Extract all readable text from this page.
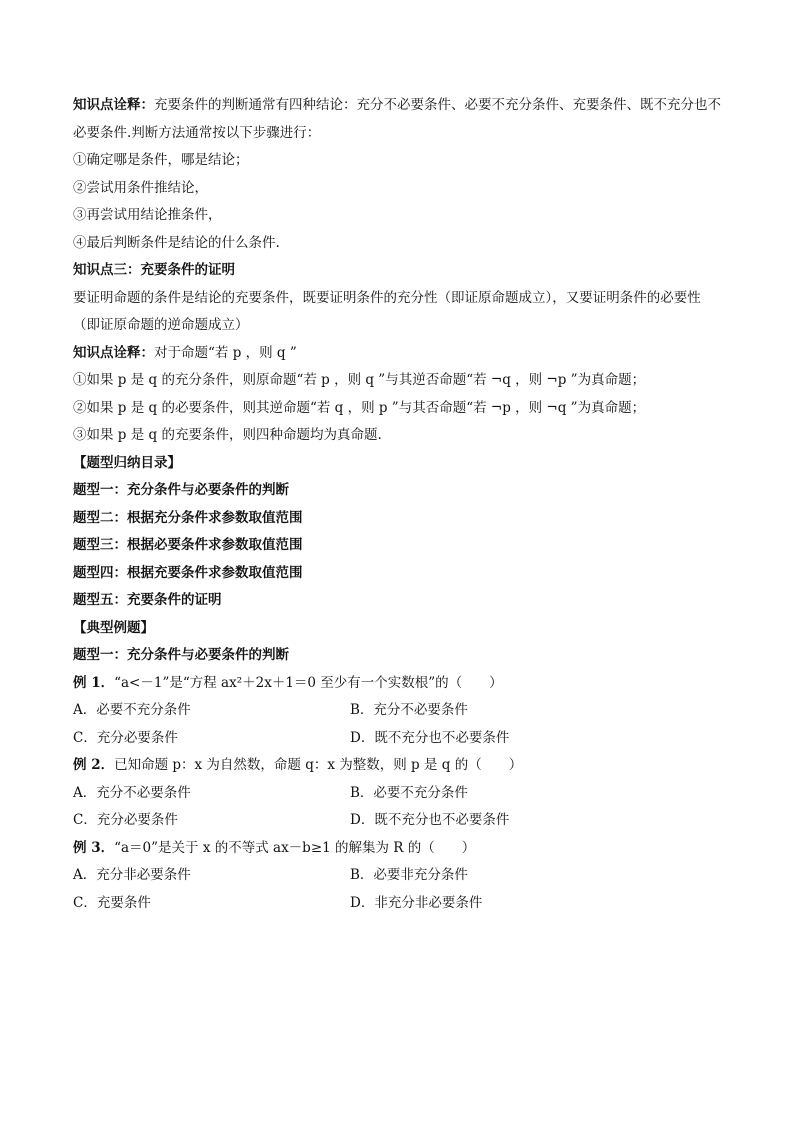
知识点诠释：充要条件的判断通常有四种结论：充分不必要条件、必要不充分条件、充要条件、既不充分也不必要条件.判断方法通常按以下步骤进行：
①确定哪是条件，哪是结论；
②尝试用条件推结论，
③再尝试用结论推条件，
④最后判断条件是结论的什么条件.
知识点三：充要条件的证明
要证明命题的条件是结论的充要条件，既要证明条件的充分性（即证原命题成立），又要证明条件的必要性（即证原命题的逆命题成立）
知识点诠释：对于命题“若 p ，则 q ”
①如果 p 是 q 的充分条件，则原命题“若 p ，则 q ”与其逆否命题“若 ¬q ，则 ¬p ”为真命题；
②如果 p 是 q 的必要条件，则其逆命题“若 q ，则 p ”与其否命题“若 ¬p ，则 ¬q ”为真命题；
③如果 p 是 q 的充要条件，则四种命题均为真命题.
【题型归纳目录】
题型一：充分条件与必要条件的判断
题型二：根据充分条件求参数取值范围
题型三：根据必要条件求参数取值范围
题型四：根据充要条件求参数取值范围
题型五：充要条件的证明
【典型例题】
题型一：充分条件与必要条件的判断
例 1．“a<－1”是“方程 ax²＋2x＋1＝0 至少有一个实数根”的（　　）
A．必要不充分条件	B．充分不必要条件
C．充分必要条件	D．既不充分也不必要条件
例 2．已知命题 p：x 为自然数，命题 q：x 为整数，则 p 是 q 的（　　）
A．充分不必要条件	B．必要不充分条件
C．充分必要条件	D．既不充分也不必要条件
例 3．“a＝0”是关于 x 的不等式 ax－b≥1 的解集为 R 的（　　）
A．充分非必要条件	B．必要非充分条件
C．充要条件	D．非充分非必要条件
